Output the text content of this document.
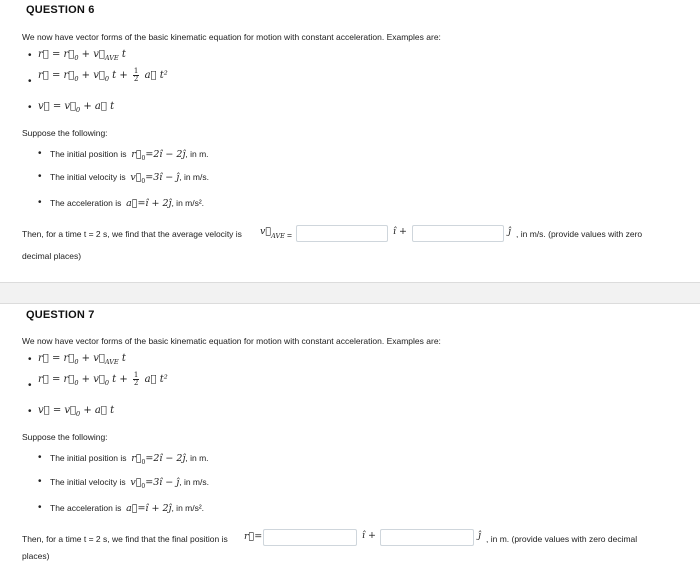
QUESTION 6
We now have vector forms of the basic kinematic equation for motion with constant acceleration. Examples are:
• r⃗ = $r⃗_0$ + $v⃗_{AVE}$ t
•
r⃗ = $r⃗_0$ + $v⃗_0$ $t + \frac{1}{2}$ a⃗ t²
• v⃗ = $v⃗_0$ + a⃗ t
Suppose the following:
• The initial position is $r_0=2î$ − 2ĵ, in m.
• The initial velocity is $v_0=3î$ − ĵ, in m/s.
• The acceleration is a=î + 2ĵ, in m/s².
Then, for a time t = 2 s, we find that the average velocity is $v_{AVE}$ =	î +	ĵ , in m/s. (provide values with zero
decimal places)
QUESTION 7
We now have vector forms of the basic kinematic equation for motion with constant acceleration. Examples are:
• r⃗ = $r⃗_0$ + $v⃗_{AVE}$ t
•
r⃗ = $r⃗_0$ + $v⃗_0$ $t + \frac{1}{2}$ a⃗ t²
• v⃗ = $v⃗_0$ + a⃗ t
Suppose the following:
• The initial position is $r_0=2î$ − 2ĵ, in m.
• The initial velocity is $v_0=3î$ − ĵ, in m/s.
• The acceleration is a=î + 2ĵ, in m/s².
Then, for a time t = 2 s, we find that the final position is r=	î +	ĵ , in m. (provide values with zero decimal
places)
